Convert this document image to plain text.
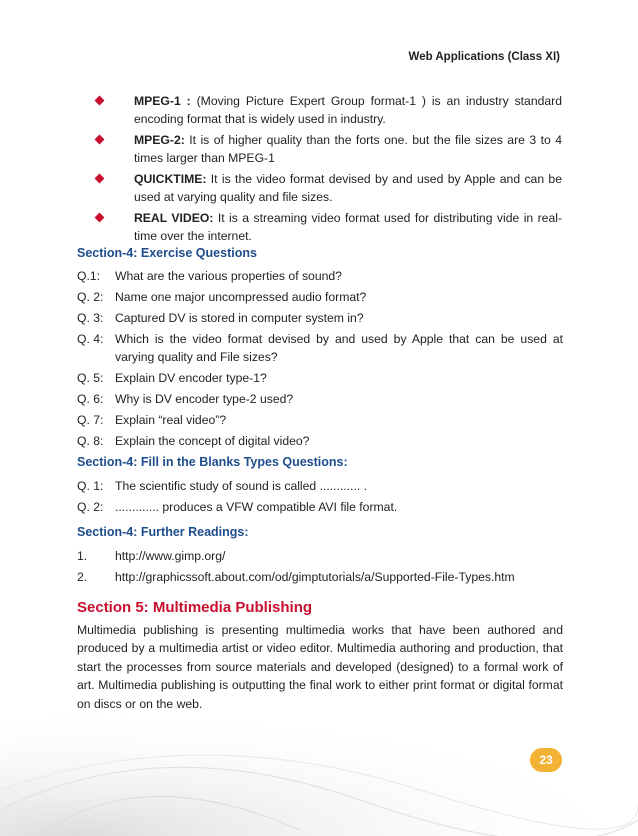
Web Applications (Class XI)
MPEG-1 : (Moving Picture Expert Group format-1 ) is an industry standard encoding format that is widely used in industry.
MPEG-2: It is of higher quality than the forts one. but the file sizes are 3 to 4 times larger than MPEG-1
QUICKTIME: It is the video format devised by and used by Apple and can be used at varying quality and file sizes.
REAL VIDEO: It is a streaming video format used for distributing vide in real-time over the internet.
Section-4: Exercise Questions
Q.1:	What are the various properties of sound?
Q. 2: Name one major uncompressed audio format?
Q. 3: Captured DV is stored in computer system in?
Q. 4: Which is the video format devised by and used by Apple that can be used at varying quality and File sizes?
Q. 5: Explain DV encoder type-1?
Q. 6: Why is DV encoder type-2 used?
Q. 7: Explain “real video”?
Q. 8: Explain the concept of digital video?
Section-4: Fill in the Blanks Types Questions:
Q. 1: The scientific study of sound is called ............ .
Q. 2: ............. produces a VFW compatible AVI file format.
Section-4: Further Readings:
1.	http://www.gimp.org/
2.	http://graphicssoft.about.com/od/gimptutorials/a/Supported-File-Types.htm
Section 5: Multimedia Publishing
Multimedia publishing is presenting multimedia works that have been authored and produced by a multimedia artist or video editor. Multimedia authoring and production, that start the processes from source materials and developed (designed) to a formal work of art. Multimedia publishing is outputting the final work to either print format or digital format on discs or on the web.
23
